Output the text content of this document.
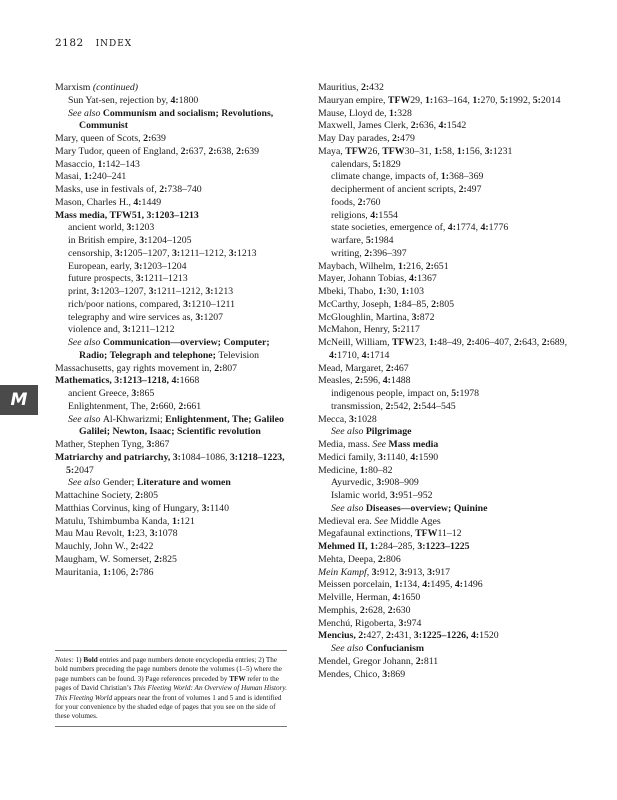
2182 INDEX
M
Marxism (continued)
Sun Yat-sen, rejection by, 4:1800
See also Communism and socialism; Revolutions, Communist
Mary, queen of Scots, 2:639
Mary Tudor, queen of England, 2:637, 2:638, 2:639
Masaccio, 1:142–143
Masai, 1:240–241
Masks, use in festivals of, 2:738–740
Mason, Charles H., 4:1449
Mass media, TFW51, 3:1203–1213
ancient world, 3:1203
in British empire, 3:1204–1205
censorship, 3:1205–1207, 3:1211–1212, 3:1213
European, early, 3:1203–1204
future prospects, 3:1211–1213
print, 3:1203–1207, 3:1211–1212, 3:1213
rich/poor nations, compared, 3:1210–1211
telegraphy and wire services as, 3:1207
violence and, 3:1211–1212
See also Communication—overview; Computer; Radio; Telegraph and telephone; Television
Massachusetts, gay rights movement in, 2:807
Mathematics, 3:1213–1218, 4:1668
ancient Greece, 3:865
Enlightenment, The, 2:660, 2:661
See also Al-Khwarizmi; Enlightenment, The; Galileo Galilei; Newton, Isaac; Scientific revolution
Mather, Stephen Tyng, 3:867
Matriarchy and patriarchy, 3:1084–1086, 3:1218–1223, 5:2047
See also Gender; Literature and women
Mattachine Society, 2:805
Matthias Corvinus, king of Hungary, 3:1140
Matulu, Tshimbumba Kanda, 1:121
Mau Mau Revolt, 1:23, 3:1078
Mauchly, John W., 2:422
Maugham, W. Somerset, 2:825
Mauritania, 1:106, 2:786
Mauritius, 2:432
Mauryan empire, TFW29, 1:163–164, 1:270, 5:1992, 5:2014
Mause, Lloyd de, 1:328
Maxwell, James Clerk, 2:636, 4:1542
May Day parades, 2:479
Maya, TFW26, TFW30–31, 1:58, 1:156, 3:1231
calendars, 5:1829
climate change, impacts of, 1:368–369
decipherment of ancient scripts, 2:497
foods, 2:760
religions, 4:1554
state societies, emergence of, 4:1774, 4:1776
warfare, 5:1984
writing, 2:396–397
Maybach, Wilhelm, 1:216, 2:651
Mayer, Johann Tobias, 4:1367
Mbeki, Thabo, 1:30, 1:103
McCarthy, Joseph, 1:84–85, 2:805
McGloughlin, Martina, 3:872
McMahon, Henry, 5:2117
McNeill, William, TFW23, 1:48–49, 2:406–407, 2:643, 2:689, 4:1710, 4:1714
Mead, Margaret, 2:467
Measles, 2:596, 4:1488
indigenous people, impact on, 5:1978
transmission, 2:542, 2:544–545
Mecca, 3:1028
See also Pilgrimage
Media, mass. See Mass media
Medici family, 3:1140, 4:1590
Medicine, 1:80–82
Ayurvedic, 3:908–909
Islamic world, 3:951–952
See also Diseases—overview; Quinine
Medieval era. See Middle Ages
Megafaunal extinctions, TFW11–12
Mehmed II, 1:284–285, 3:1223–1225
Mehta, Deepa, 2:806
Mein Kampf, 3:912, 3:913, 3:917
Meissen porcelain, 1:134, 4:1495, 4:1496
Melville, Herman, 4:1650
Memphis, 2:628, 2:630
Menchú, Rigoberta, 3:974
Mencius, 2:427, 2:431, 3:1225–1226, 4:1520
See also Confucianism
Mendel, Gregor Johann, 2:811
Mendes, Chico, 3:869
Notes: 1) Bold entries and page numbers denote encyclopedia entries; 2) The bold numbers preceding the page numbers denote the volumes (1–5) where the page numbers can be found. 3) Page references preceded by TFW refer to the pages of David Christian’s This Fleeting World: An Overview of Human History. This Fleeting World appears near the front of volumes 1 and 5 and is identified for your convenience by the shaded edge of pages that you see on the side of these volumes.
